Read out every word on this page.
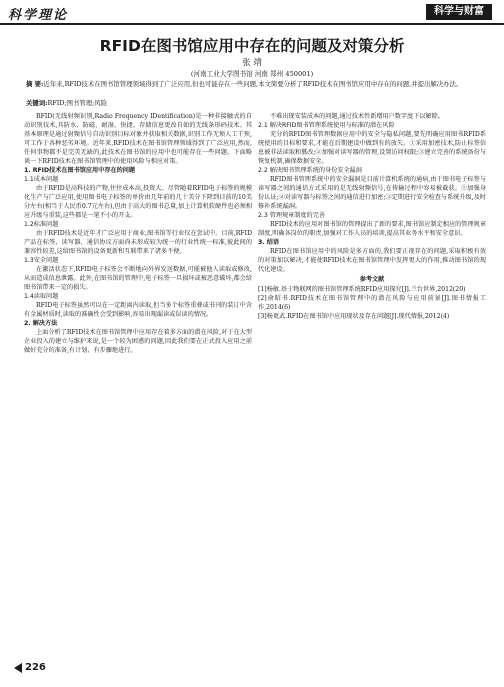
科学理论	科学与财富
RFID在图书馆应用中存在的问题及对策分析
张 靖
(河南工业大学图书馆 河南 郑州 450001)
摘 要:近年来,RFID技术在图书馆管理领域得到了广泛应用,但也可能存在一些问题,本文简要分析了RFID技术在图书馆应用中存在的问题,并提出解决办法。
关键词:RFID;图书管理;风险
RFID(无线射频识别,Radio Frequency IDentification)是一种非接触式的自动识别技术,具防水、防磁、耐湿、快捷、存储信息更改自如的无线条形码技术。其基本原理是通过射频信号自动识别目标对象并获取相关数据,识别工作无须人工干预,可工作于各种恶劣环境。近年来,RFID技术在图书馆管理领域得到了广泛应用,然而,任何事物都不是完美无缺的,此技术在图书馆的应用中也可能存在一些问题。下面略谈一下RFID技术在图书馆管理中的使用风险与相应对策。
1. RFID技术在图书馆应用中存在的问题
1.1成本问题
由于RFID是高科技的产物,往往成本高,投资大。尽管随着RFID电子标签的规模化生产与广泛应用,使用图书电子标签的单价由几年前的几十美分下降到目前的10美分左右(相当于人民币0.7元左右),但由于高大的图书总量,加上计算机软硬件也必须相应升级与重装,这些都是一笔不小的开支。
1.2标准问题
由于RFID技术是近年才广泛应用于商业,图书馆等行业仅在尝试中。目前,RFID产品在标签、读写器、通信协议方面尚未形成较为统一的行业性统一标准,彼此间的兼容性较差,这给图书馆的设备更新和互联带来了诸多不便。
1.3安全问题
在激活状态下,RFID电子标签会不断地向外界发送数据,可能被他人读取或修改,从而造成信息泄露。此外,在图书馆的管理中,电子标签一旦损坏或被恶意破坏,都会给图书馆带来一定的损失。
1.4读取问题
RFID电子标签虽然可以在一定距离内读取,但当多个标签重叠或书刊的装订中含有金属材质时,读取的准确性会受到影响,容易出现漏读或误读的情况。
2. 解决方法
上面分析了RFID技术在图书馆管理中应用存在着多方面的潜在风险,对于在大型企业投入的建立与维护来说,是一个较为困惑的问题,因此我们要在正式投入应用之前做好充分的准备,有计划、有步骤地进行。
不难出现安装成本的问题,通过技术性新增用户数字度下以解除。
2.1 解决RFID图书管理系统使用与标准的潜在风险
充分的RFID图书管理数据应用中的安全与隐私问题,要先明确应用图书RFID系统使用的目标和要求,才能在后期建设中做到有的放矢。①采用加密技术,防止标签信息被非法读取和篡改;②加强对读写器的管理,设置访问权限;③建立完善的系统备份与恢复机制,确保数据安全。
2.2 解决图书管理系统的身份安全漏洞
RFID图书管理系统中的安全漏洞是目前计算机系统的通病,由于图书电子标签与读写器之间的通信方式采用的是无线射频信号,在传输过程中容易被截获。①加强身份认证;②对读写器与标签之间的通信进行加密;③定期进行安全检查与系统升级,及时修补系统漏洞。
2.3 管理规章制度的完善
RFID技术的应用对图书馆的管理提出了新的要求,图书馆应制定相应的管理规章制度,明确各岗位的职责,加强对工作人员的培训,提高其业务水平和安全意识。
3. 结语
RFID在图书馆应用中的风险是多方面的,我们要正视存在的问题,采取积极有效的对策加以解决,才能使RFID技术在图书馆管理中发挥更大的作用,推动图书馆的现代化建设。
参考文献
[1]杨敏.基于物联网的图书馆管理系统RFID应用探究[J].兰台世界,2012(20)
[2]俞昭书.RFID技术在图书馆管理中的潜在风险与应用前景[J].图书情报工作,2014(6)
[3]杨更武.RFID在图书馆中应用现状及存在问题[J].现代情报,2012(4)
226
